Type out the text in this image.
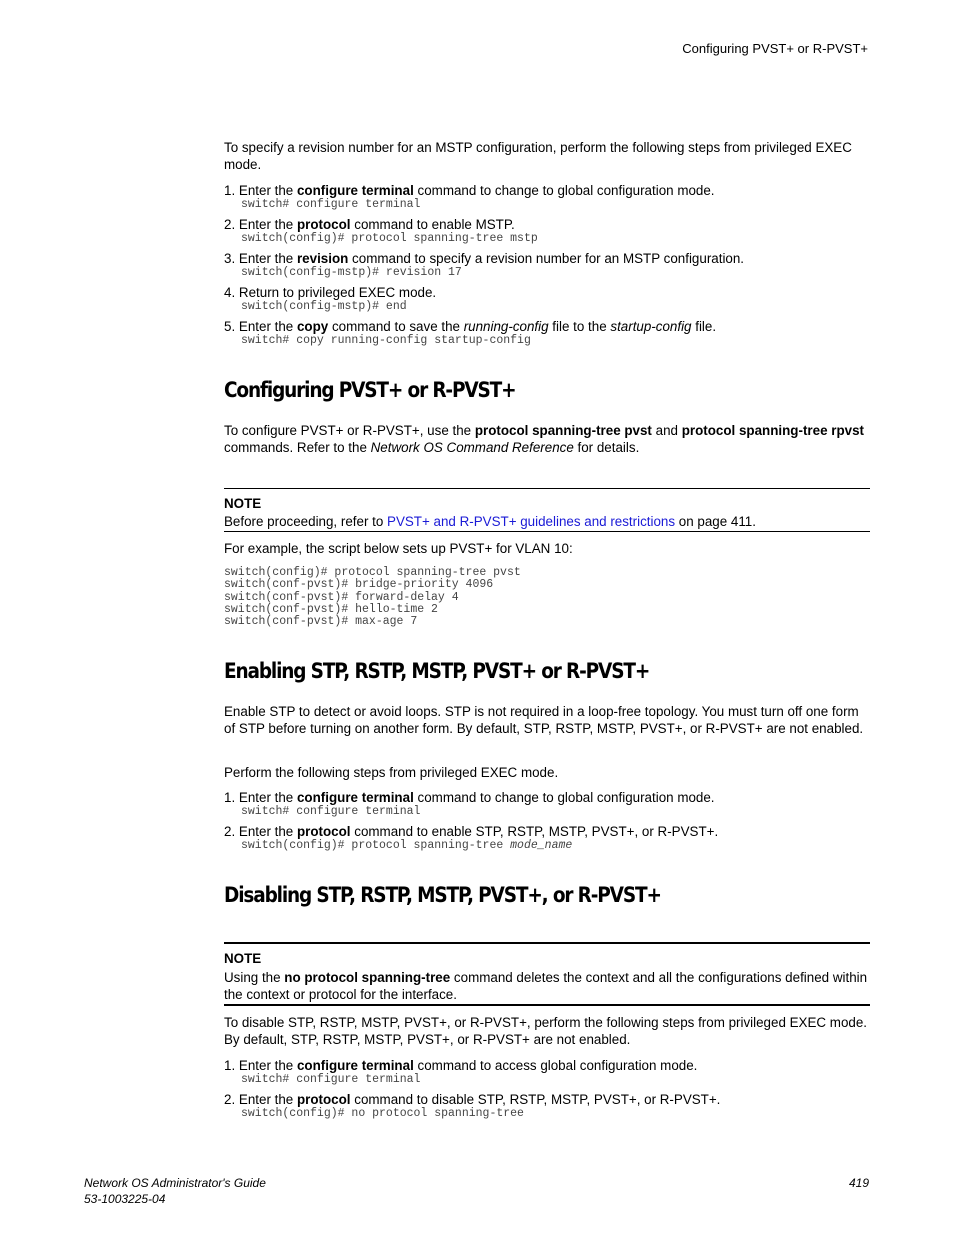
Configuring PVST+ or R-PVST+
To specify a revision number for an MSTP configuration, perform the following steps from privileged EXEC mode.
1. Enter the configure terminal command to change to global configuration mode.
switch# configure terminal
2. Enter the protocol command to enable MSTP.
switch(config)# protocol spanning-tree mstp
3. Enter the revision command to specify a revision number for an MSTP configuration.
switch(config-mstp)# revision 17
4. Return to privileged EXEC mode.
switch(config-mstp)# end
5. Enter the copy command to save the running-config file to the startup-config file.
switch# copy running-config startup-config
Configuring PVST+ or R-PVST+
To configure PVST+ or R-PVST+, use the protocol spanning-tree pvst and protocol spanning-tree rpvst commands. Refer to the Network OS Command Reference for details.
NOTE
Before proceeding, refer to PVST+ and R-PVST+ guidelines and restrictions on page 411.
For example, the script below sets up PVST+ for VLAN 10:
switch(config)# protocol spanning-tree pvst
switch(conf-pvst)# bridge-priority 4096
switch(conf-pvst)# forward-delay 4
switch(conf-pvst)# hello-time 2
switch(conf-pvst)# max-age 7
Enabling STP, RSTP, MSTP, PVST+ or R-PVST+
Enable STP to detect or avoid loops. STP is not required in a loop-free topology. You must turn off one form of STP before turning on another form. By default, STP, RSTP, MSTP, PVST+, or R-PVST+ are not enabled.
Perform the following steps from privileged EXEC mode.
1. Enter the configure terminal command to change to global configuration mode.
switch# configure terminal
2. Enter the protocol command to enable STP, RSTP, MSTP, PVST+, or R-PVST+.
switch(config)# protocol spanning-tree mode_name
Disabling STP, RSTP, MSTP, PVST+, or R-PVST+
NOTE
Using the no protocol spanning-tree command deletes the context and all the configurations defined within the context or protocol for the interface.
To disable STP, RSTP, MSTP, PVST+, or R-PVST+, perform the following steps from privileged EXEC mode. By default, STP, RSTP, MSTP, PVST+, or R-PVST+ are not enabled.
1. Enter the configure terminal command to access global configuration mode.
switch# configure terminal
2. Enter the protocol command to disable STP, RSTP, MSTP, PVST+, or R-PVST+.
switch(config)# no protocol spanning-tree
Network OS Administrator's Guide
53-1003225-04
419
